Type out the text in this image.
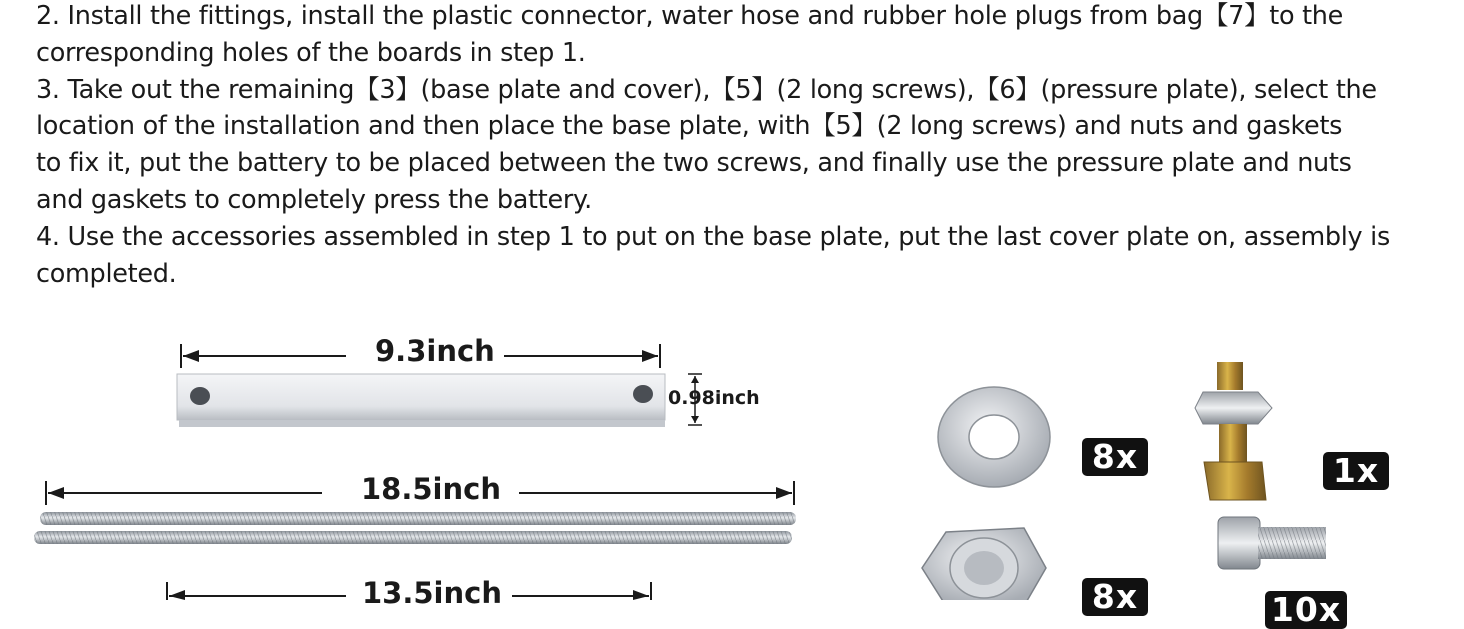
2. Install the fittings, install the plastic connector, water hose and rubber hole plugs from bag【7】to the
corresponding holes of the boards in step 1.
3. Take out the remaining【3】(base plate and cover),【5】(2 long screws),【6】(pressure plate), select the
location of the installation and then place the base plate, with【5】(2 long screws) and nuts and gaskets
to fix it, put the battery to be placed between the two screws, and finally use the pressure plate and nuts
and gaskets to completely press the battery.
4. Use the accessories assembled in step 1 to put on the base plate, put the last cover plate on, assembly is
completed.
9.3inch
0.98inch
18.5inch
13.5inch
8x	1x
8x	10x
